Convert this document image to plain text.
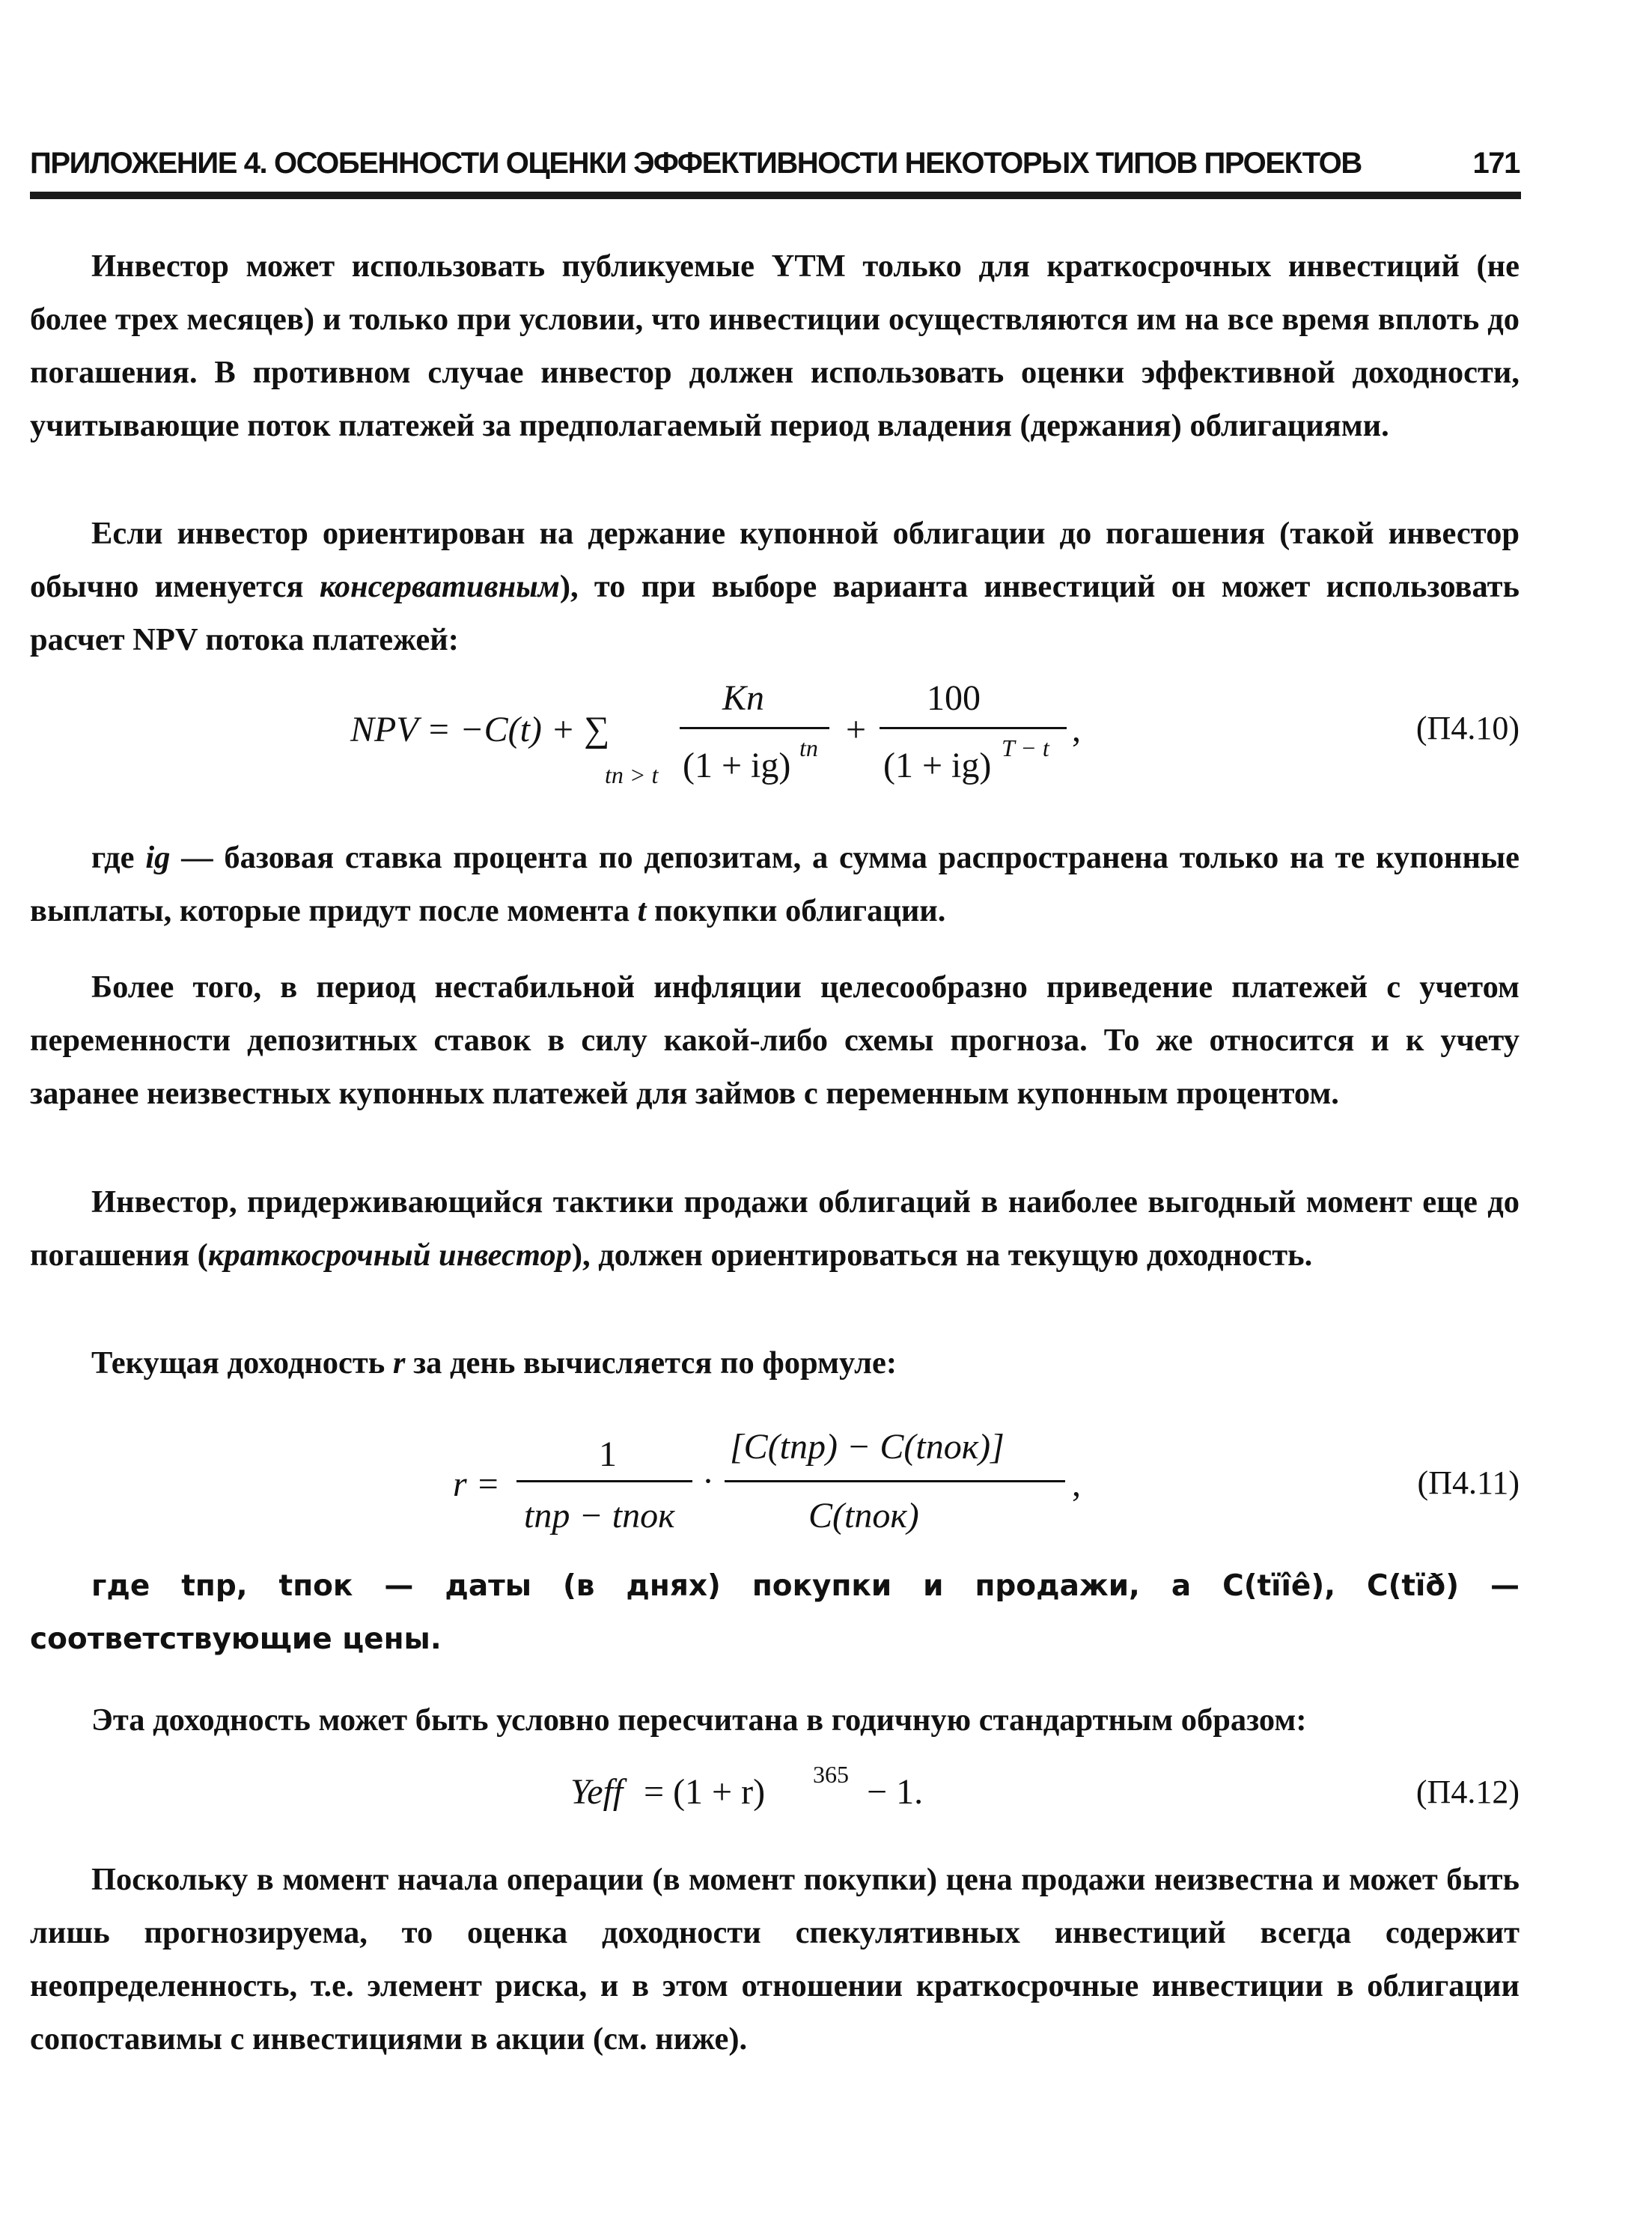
ПРИЛОЖЕНИЕ 4. ОСОБЕННОСТИ ОЦЕНКИ ЭФФЕКТИВНОСТИ НЕКОТОРЫХ ТИПОВ ПРОЕКТОВ	171
Инвестор может использовать публикуемые YTM только для краткосрочных инвестиций (не более трех месяцев) и только при условии, что инвестиции осуществляются им на все время вплоть до погашения. В противном случае инвестор должен использовать оценки эффективной доходности, учитывающие поток платежей за предполагаемый период владения (держания) облигациями.
Если инвестор ориентирован на держание купонной облигации до погашения (такой инвестор обычно именуется консервативным), то при выборе варианта инвестиций он может использовать расчет NPV потока платежей:
NPV = −C(t) + ∑
tn > t
Kn
(1 + ig) tn +
100
(1 + ig) T − t ,	(П4.10)
где ig — базовая ставка процента по депозитам, а сумма распространена только на те купонные выплаты, которые придут после момента t покупки облигации.
Более того, в период нестабильной инфляции целесообразно приведение платежей с учетом переменности депозитных ставок в силу какой-либо схемы прогноза. То же относится и к учету заранее неизвестных купонных платежей для займов с переменным купонным процентом.
Инвестор, придерживающийся тактики продажи облигаций в наиболее выгодный момент еще до погашения (краткосрочный инвестор), должен ориентироваться на текущую доходность.
Текущая доходность r за день вычисляется по формуле:
r =
1
tпр − tпок
·
[C(tпр) − C(tпок)]
C(tпок)
,	(П4.11)
где tпр, tпок — даты (в днях) покупки и продажи, а C(tïîê), C(tïð) — соответствующие цены.
Эта доходность может быть условно пересчитана в годичную стандартным образом:
Yeff = (1 + r) 365 − 1.	(П4.12)
Поскольку в момент начала операции (в момент покупки) цена продажи неизвестна и может быть лишь прогнозируема, то оценка доходности спекулятивных инвестиций всегда содержит неопределенность, т.е. элемент риска, и в этом отношении краткосрочные инвестиции в облигации сопоставимы с инвестициями в акции (см. ниже).
